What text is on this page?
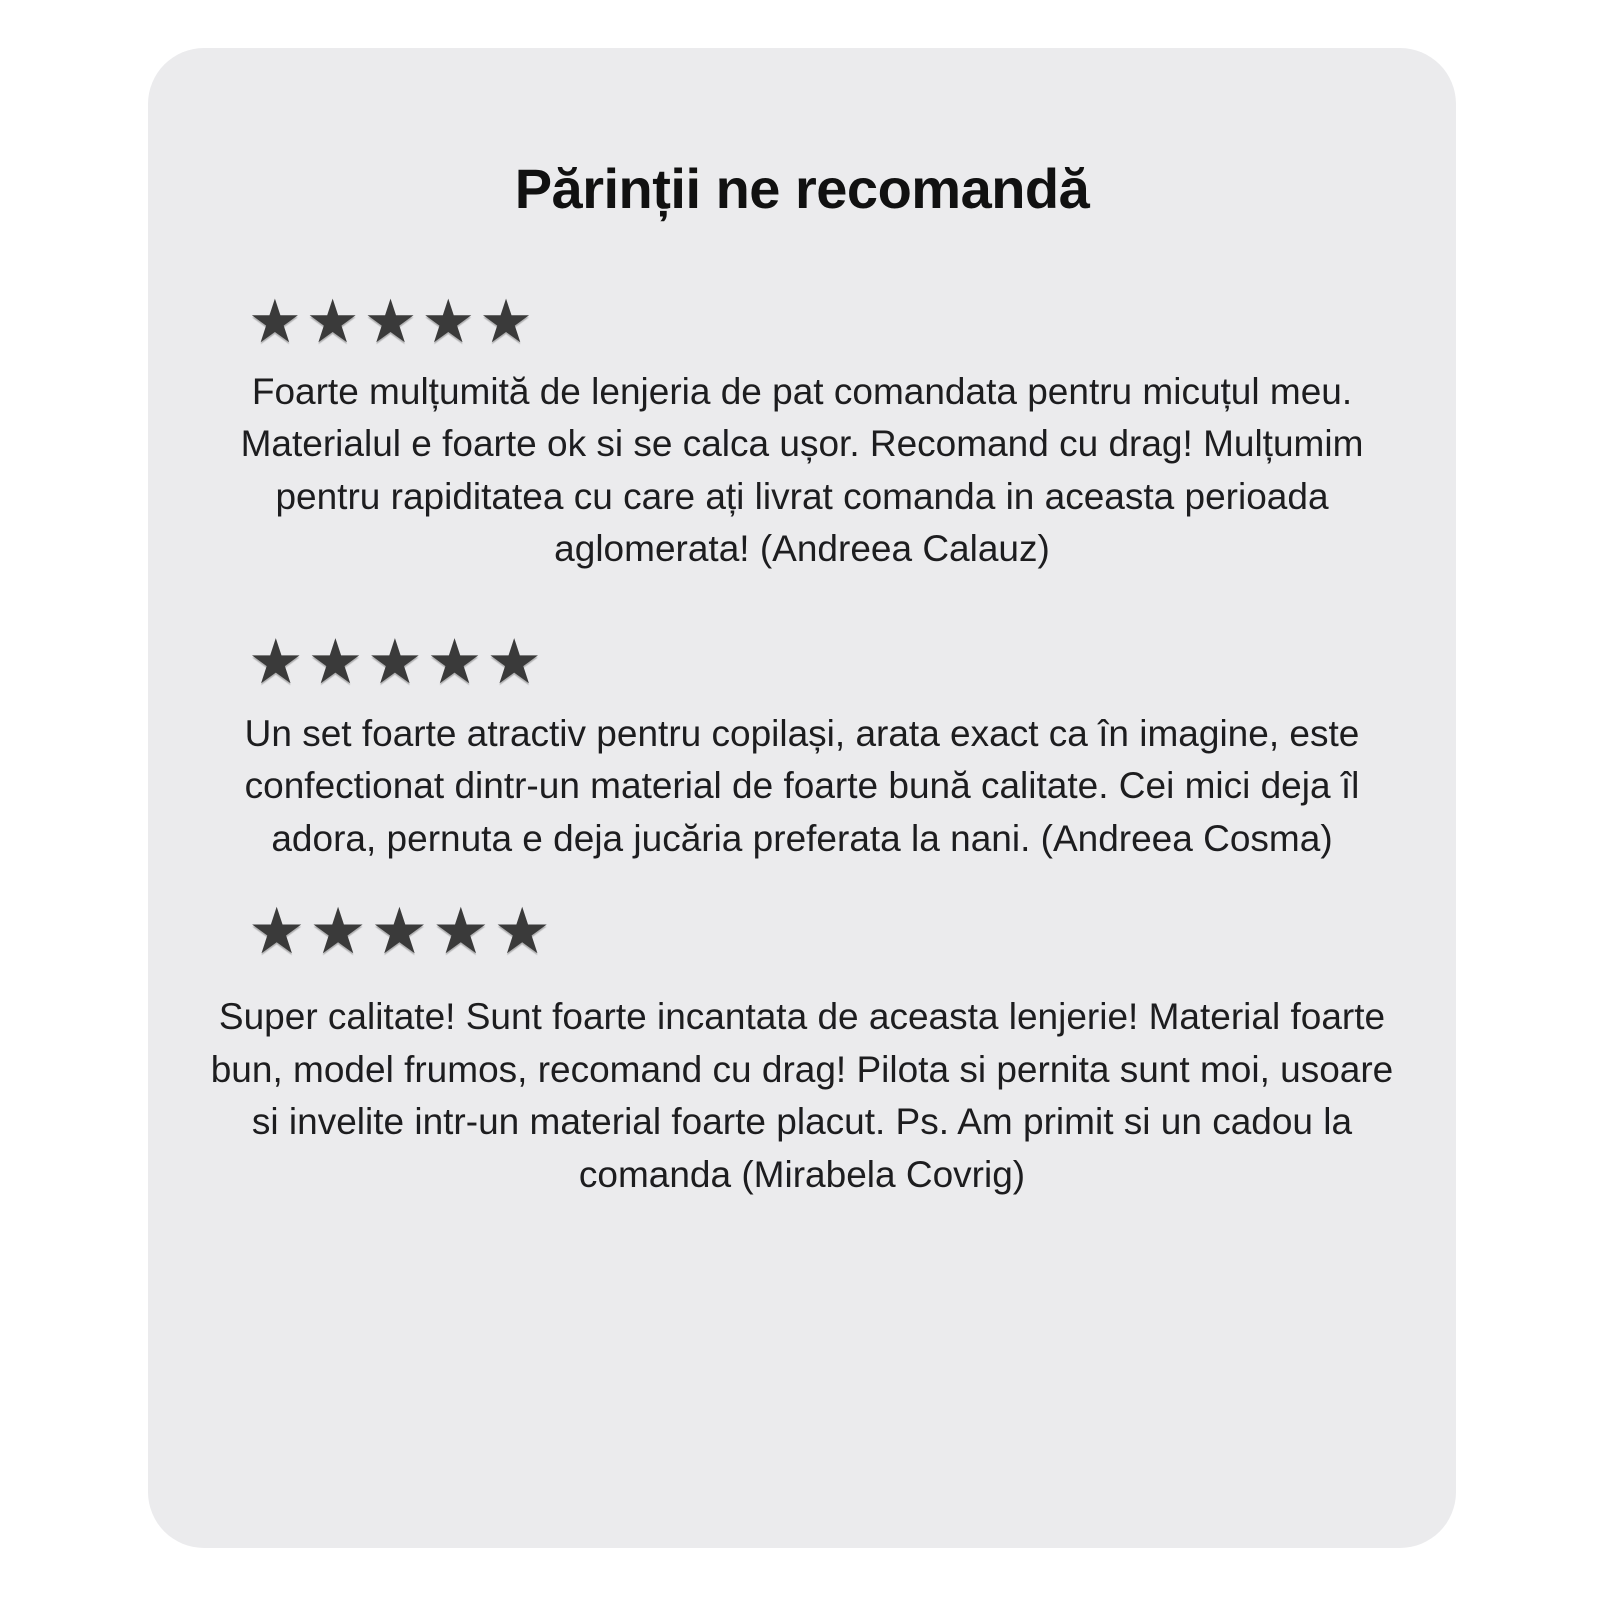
Părinții ne recomandă
★★★★★

Foarte mulțumită de lenjeria de pat comandata pentru micuțul meu. Materialul e foarte ok si se calca ușor. Recomand cu drag! Mulțumim pentru rapiditatea cu care ați livrat comanda in aceasta perioada aglomerata! (Andreea Calauz)

★★★★★

Un set foarte atractiv pentru copilași, arata exact ca în imagine, este confectionat dintr-un material de foarte bună calitate. Cei mici deja îl adora, pernuta e deja jucăria preferata la nani. (Andreea Cosma)

★★★★★

Super calitate! Sunt foarte incantata de aceasta lenjerie! Material foarte bun, model frumos, recomand cu drag! Pilota si pernita sunt moi, usoare si invelite intr-un material foarte placut. Ps. Am primit si un cadou la comanda (Mirabela Covrig)
